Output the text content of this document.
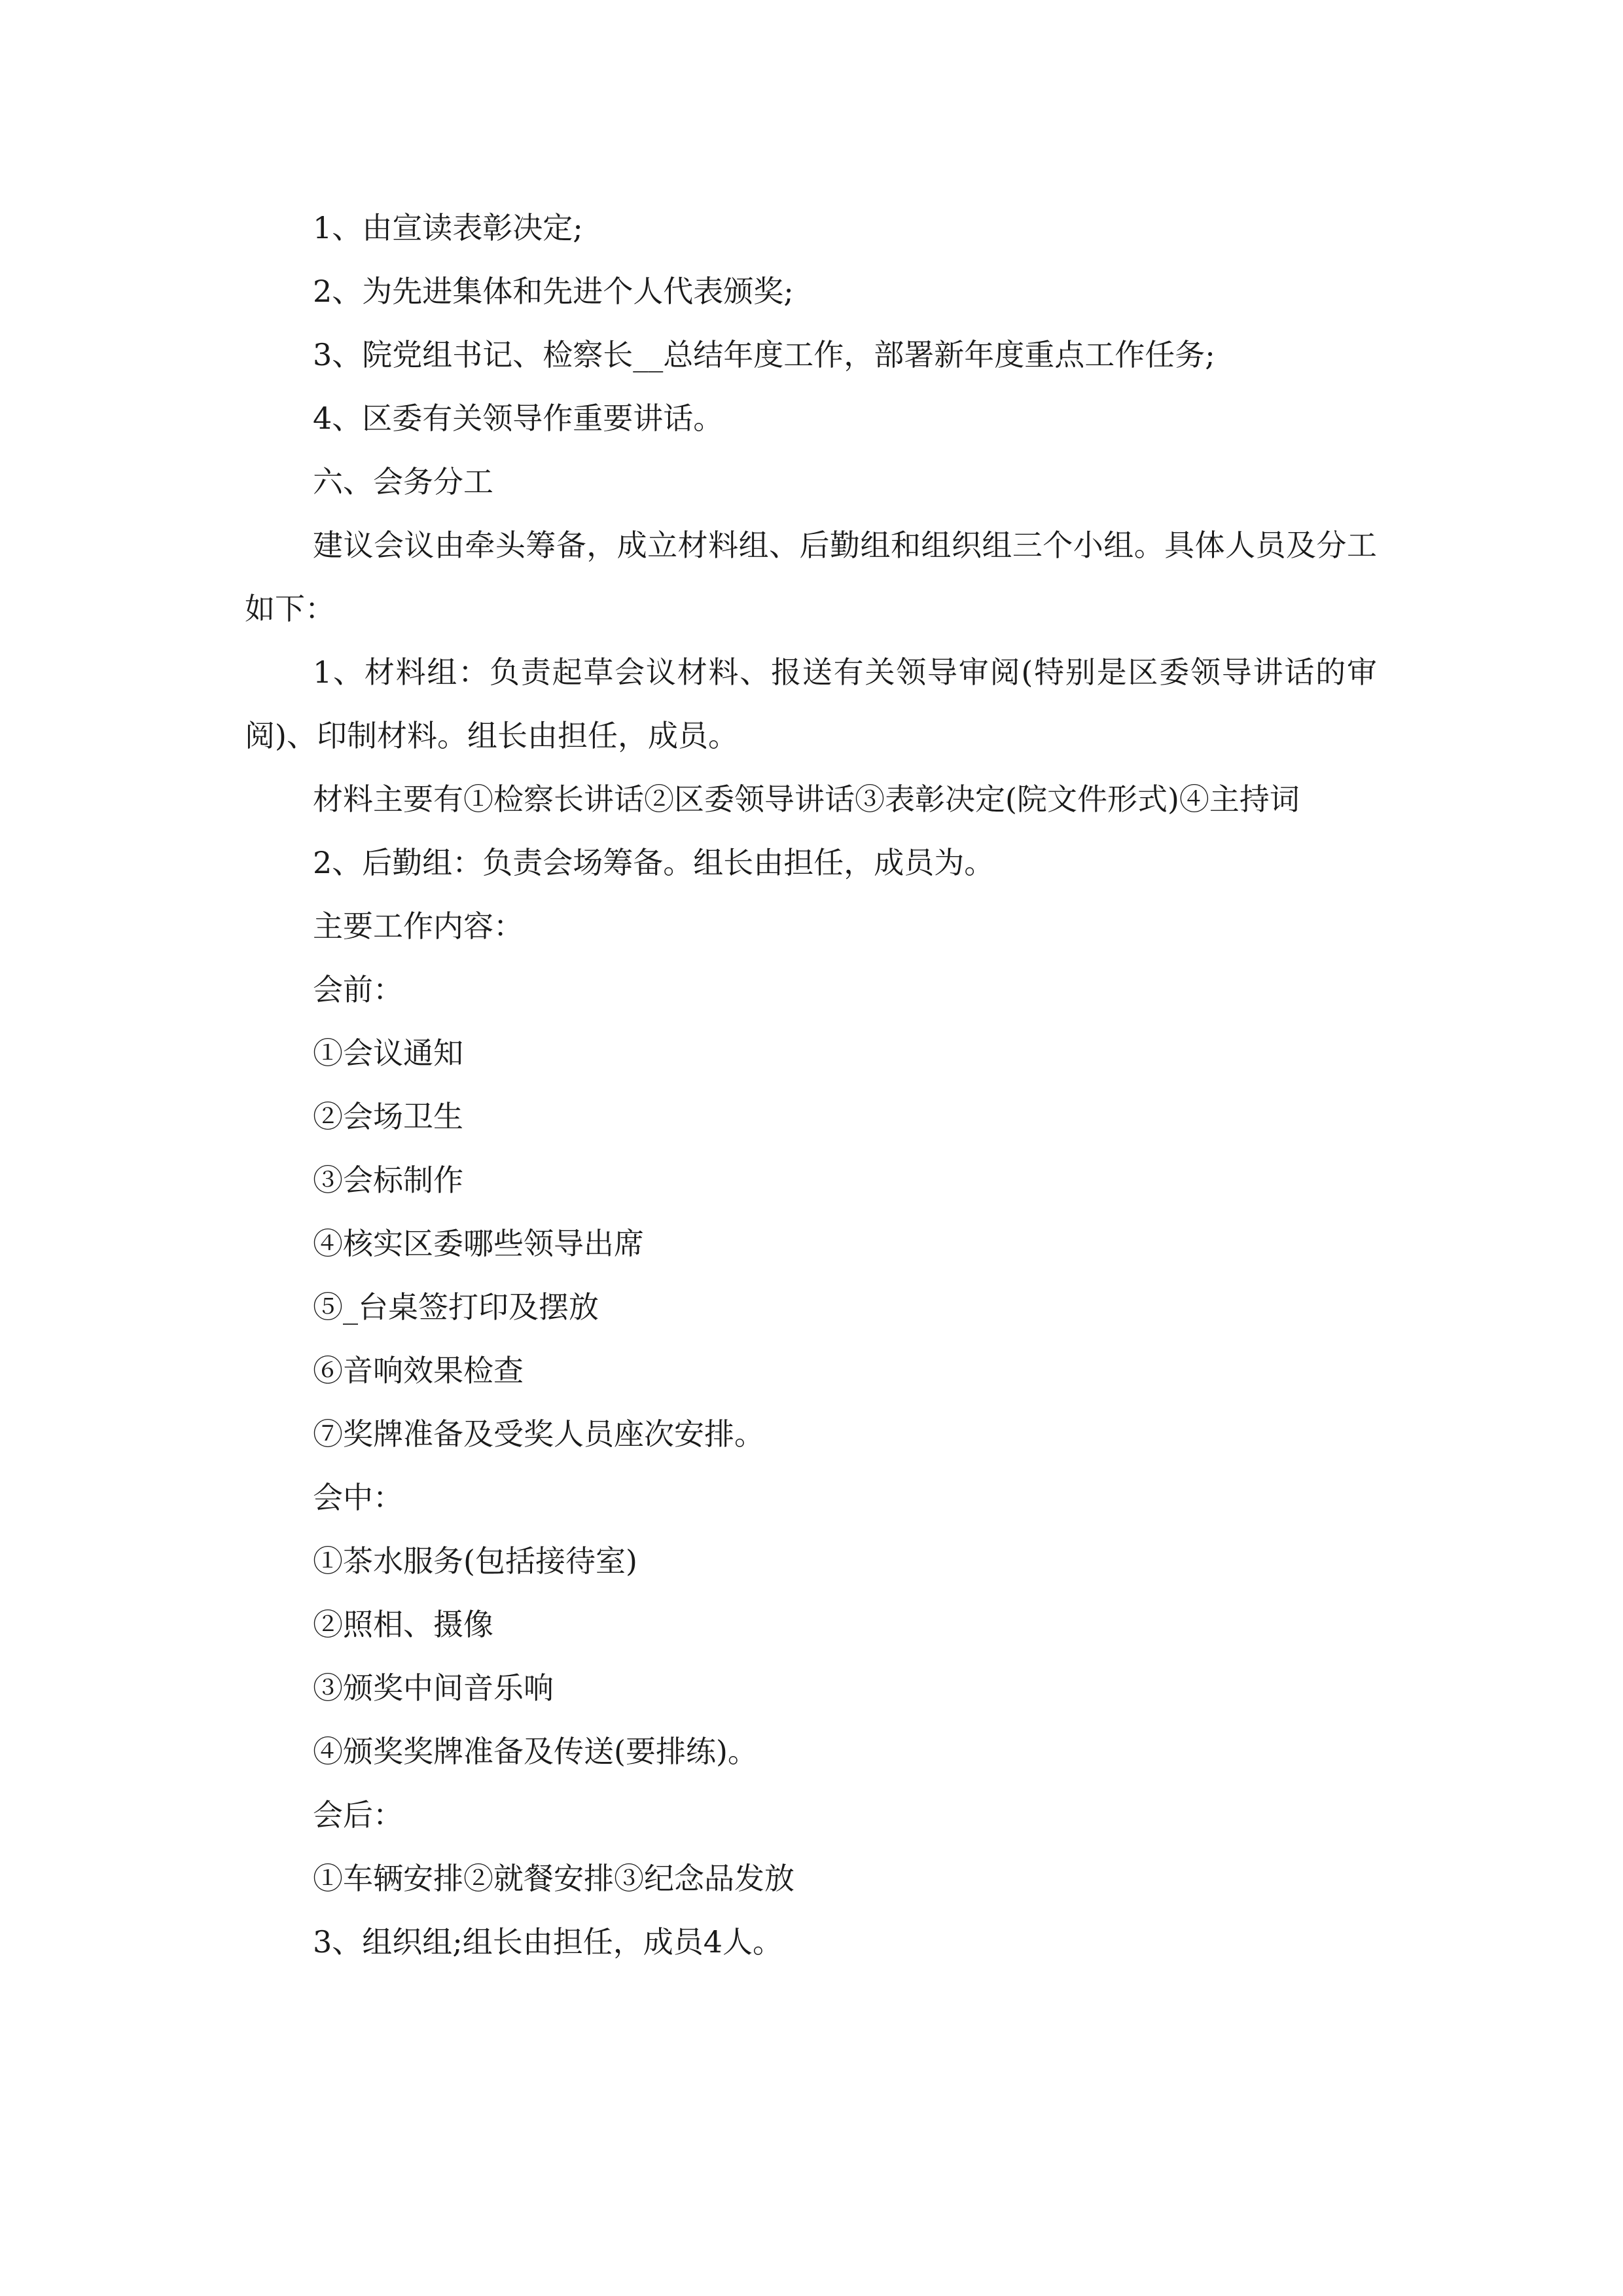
1、由宣读表彰决定;
2、为先进集体和先进个人代表颁奖;
3、院党组书记、检察长__总结年度工作，部署新年度重点工作任务;
4、区委有关领导作重要讲话。
六、会务分工

建议会议由牵头筹备，成立材料组、后勤组和组织组三个小组。具体人员及分工如下：

1、材料组：负责起草会议材料、报送有关领导审阅(特别是区委领导讲话的审阅)、印制材料。组长由担任，成员。

材料主要有①检察长讲话②区委领导讲话③表彰决定(院文件形式)④主持词

2、后勤组：负责会场筹备。组长由担任，成员为。
主要工作内容：
会前：
①会议通知
②会场卫生
③会标制作
④核实区委哪些领导出席
⑤_台桌签打印及摆放
⑥音响效果检查
⑦奖牌准备及受奖人员座次安排。
会中：
①茶水服务(包括接待室)
②照相、摄像
③颁奖中间音乐响
④颁奖奖牌准备及传送(要排练)。
会后：
①车辆安排②就餐安排③纪念品发放
3、组织组;组长由担任，成员4人。
